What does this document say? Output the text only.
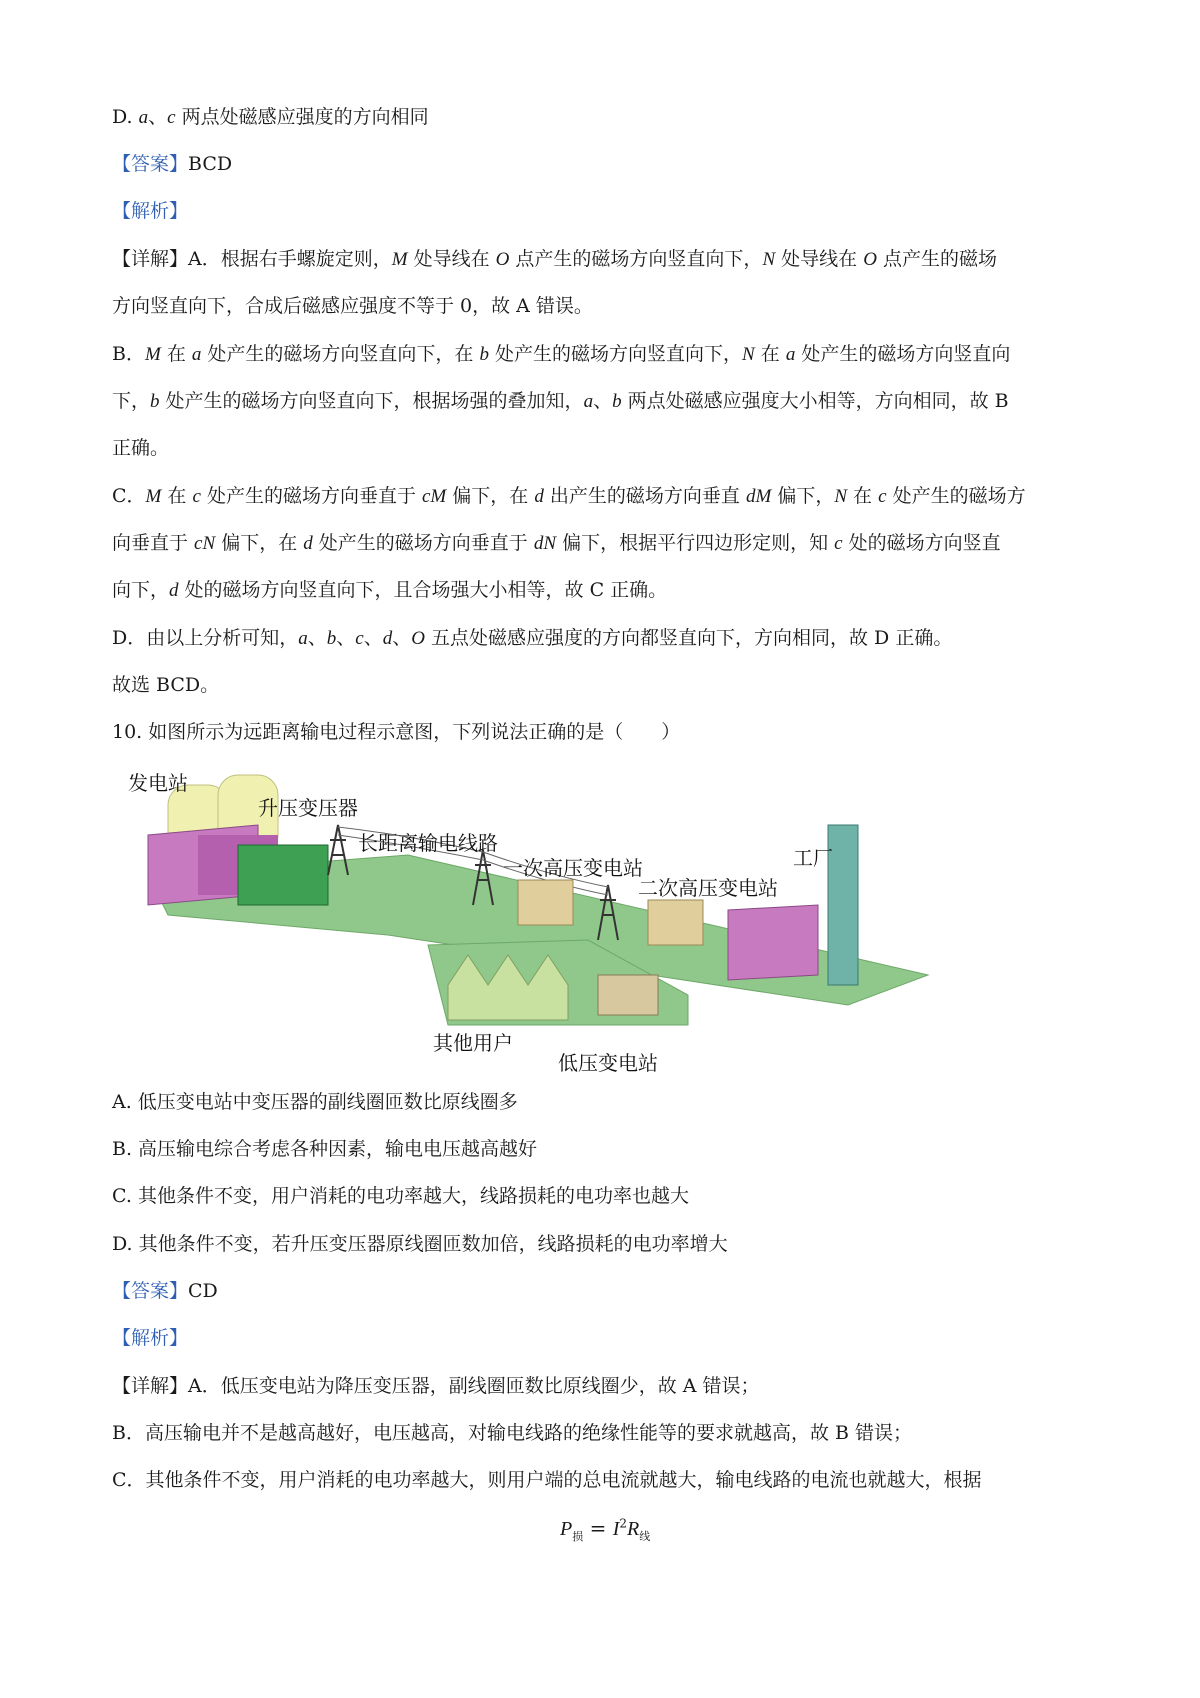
D. a、c 两点处磁感应强度的方向相同
【答案】BCD
【解析】
【详解】A．根据右手螺旋定则，M 处导线在 O 点产生的磁场方向竖直向下，N 处导线在 O 点产生的磁场
方向竖直向下，合成后磁感应强度不等于 0，故 A 错误。
B．M 在 a 处产生的磁场方向竖直向下，在 b 处产生的磁场方向竖直向下，N 在 a 处产生的磁场方向竖直向
下，b 处产生的磁场方向竖直向下，根据场强的叠加知，a、b 两点处磁感应强度大小相等，方向相同，故 B
正确。
C．M 在 c 处产生的磁场方向垂直于 cM 偏下，在 d 出产生的磁场方向垂直 dM 偏下，N 在 c 处产生的磁场方
向垂直于 cN 偏下，在 d 处产生的磁场方向垂直于 dN 偏下，根据平行四边形定则，知 c 处的磁场方向竖直
向下，d 处的磁场方向竖直向下，且合场强大小相等，故 C 正确。
D．由以上分析可知，a、b、c、d、O 五点处磁感应强度的方向都竖直向下，方向相同，故 D 正确。
故选 BCD。
10. 如图所示为远距离输电过程示意图，下列说法正确的是（　　）
发电站
升压变压器
长距离输电线路
一次高压变电站
二次高压变电站
工厂
其他用户
低压变电站
A. 低压变电站中变压器的副线圈匝数比原线圈多
B. 高压输电综合考虑各种因素，输电电压越高越好
C. 其他条件不变，用户消耗的电功率越大，线路损耗的电功率也越大
D. 其他条件不变，若升压变压器原线圈匝数加倍，线路损耗的电功率增大
【答案】CD
【解析】
【详解】A．低压变电站为降压变压器，副线圈匝数比原线圈少，故 A 错误；
B．高压输电并不是越高越好，电压越高，对输电线路的绝缘性能等的要求就越高，故 B 错误；
C．其他条件不变，用户消耗的电功率越大，则用户端的总电流就越大，输电线路的电流也就越大，根据
$P_损 = I^2R_线$
